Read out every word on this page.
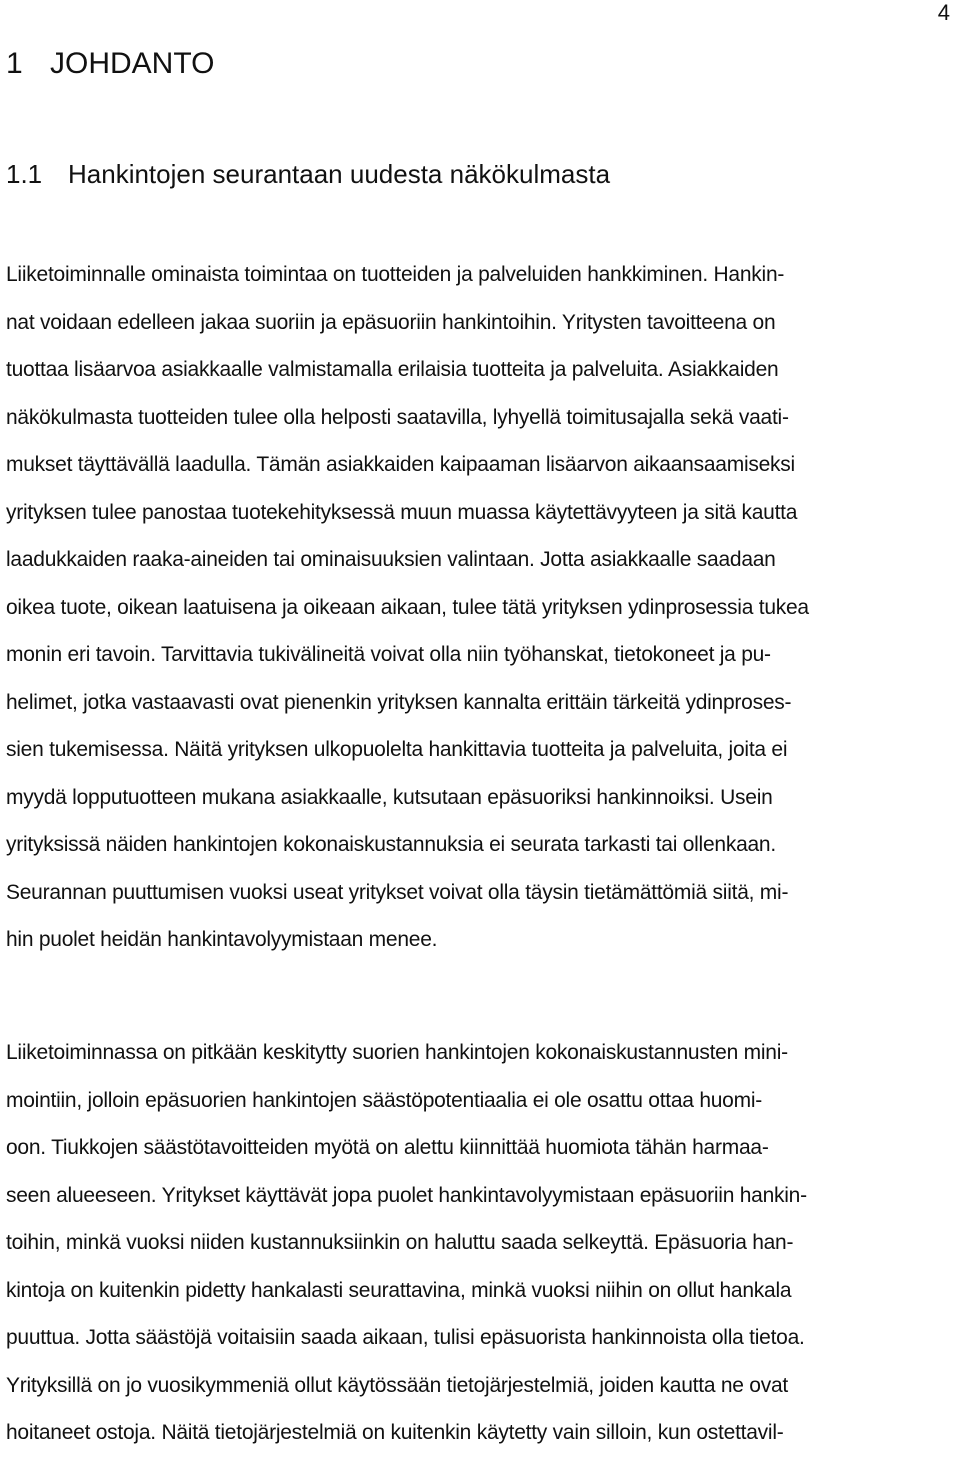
4
1 JOHDANTO
1.1 Hankintojen seurantaan uudesta näkökulmasta
Liiketoiminnalle ominaista toimintaa on tuotteiden ja palveluiden hankkiminen. Hankin-
nat voidaan edelleen jakaa suoriin ja epäsuoriin hankintoihin. Yritysten tavoitteena on
tuottaa lisäarvoa asiakkaalle valmistamalla erilaisia tuotteita ja palveluita. Asiakkaiden
näkökulmasta tuotteiden tulee olla helposti saatavilla, lyhyellä toimitusajalla sekä vaati-
mukset täyttävällä laadulla. Tämän asiakkaiden kaipaaman lisäarvon aikaansaamiseksi
yrityksen tulee panostaa tuotekehityksessä muun muassa käytettävyyteen ja sitä kautta
laadukkaiden raaka-aineiden tai ominaisuuksien valintaan. Jotta asiakkaalle saadaan
oikea tuote, oikean laatuisena ja oikeaan aikaan, tulee tätä yrityksen ydinprosessia tukea
monin eri tavoin. Tarvittavia tukivälineitä voivat olla niin työhanskat, tietokoneet ja pu-
helimet, jotka vastaavasti ovat pienenkin yrityksen kannalta erittäin tärkeitä ydinproses-
sien tukemisessa. Näitä yrityksen ulkopuolelta hankittavia tuotteita ja palveluita, joita ei
myydä lopputuotteen mukana asiakkaalle, kutsutaan epäsuoriksi hankinnoiksi. Usein
yrityksissä näiden hankintojen kokonaiskustannuksia ei seurata tarkasti tai ollenkaan.
Seurannan puuttumisen vuoksi useat yritykset voivat olla täysin tietämättömiä siitä, mi-
hin puolet heidän hankintavolyymistaan menee.
Liiketoiminnassa on pitkään keskitytty suorien hankintojen kokonaiskustannusten mini-
mointiin, jolloin epäsuorien hankintojen säästöpotentiaalia ei ole osattu ottaa huomi-
oon. Tiukkojen säästötavoitteiden myötä on alettu kiinnittää huomiota tähän harmaa-
seen alueeseen. Yritykset käyttävät jopa puolet hankintavolyymistaan epäsuoriin hankin-
toihin, minkä vuoksi niiden kustannuksiinkin on haluttu saada selkeyttä. Epäsuoria han-
kintoja on kuitenkin pidetty hankalasti seurattavina, minkä vuoksi niihin on ollut hankala
puuttua. Jotta säästöjä voitaisiin saada aikaan, tulisi epäsuorista hankinnoista olla tietoa.
Yrityksillä on jo vuosikymmeniä ollut käytössään tietojärjestelmiä, joiden kautta ne ovat
hoitaneet ostoja. Näitä tietojärjestelmiä on kuitenkin käytetty vain silloin, kun ostettavil-
